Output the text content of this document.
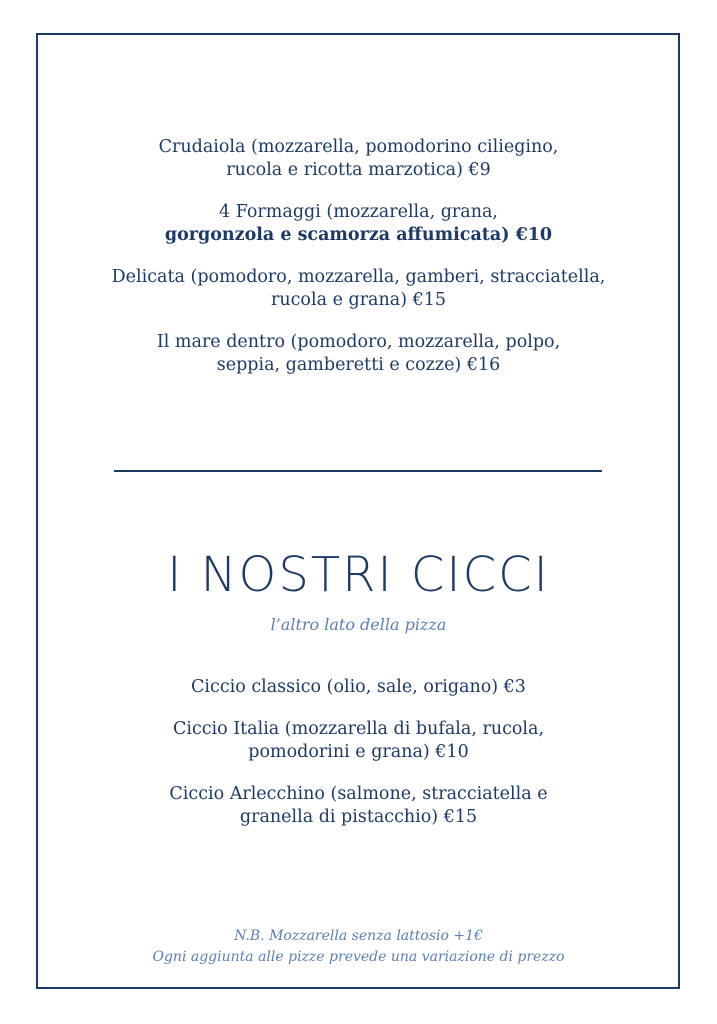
Crudaiola (mozzarella, pomodorino ciliegino,
rucola e ricotta marzotica) €9
4 Formaggi (mozzarella, grana,
gorgonzola e scamorza affumicata) €10
Delicata (pomodoro, mozzarella, gamberi, stracciatella,
rucola e grana) €15
Il mare dentro (pomodoro, mozzarella, polpo,
seppia, gamberetti e cozze) €16
I NOSTRI CICCI
l’altro lato della pizza
Ciccio classico (olio, sale, origano) €3
Ciccio Italia (mozzarella di bufala, rucola,
pomodorini e grana) €10
Ciccio Arlecchino (salmone, stracciatella e
granella di pistacchio) €15
N.B. Mozzarella senza lattosio +1€
Ogni aggiunta alle pizze prevede una variazione di prezzo
